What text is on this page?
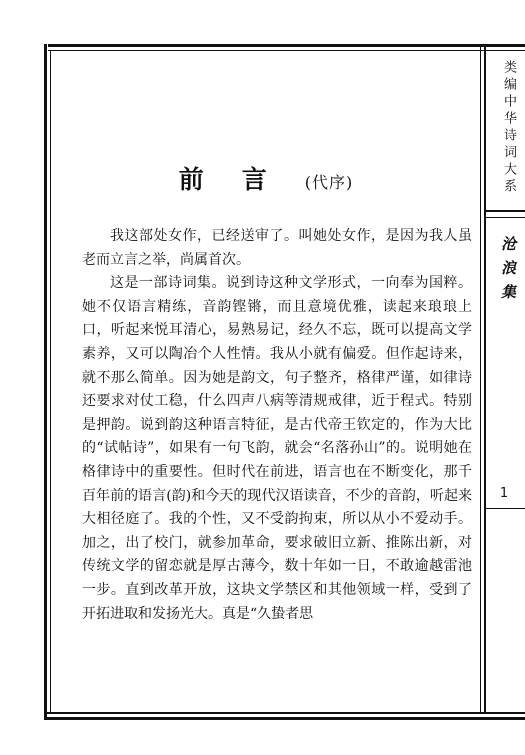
类编中华诗词大系
沧浪集
1
前言(代序)

我这部处女作，已经送审了。叫她处女作，是因为我人虽老而立言之举，尚属首次。

这是一部诗词集。说到诗这种文学形式，一向奉为国粹。她不仅语言精练，音韵铿锵，而且意境优雅，读起来琅琅上口，听起来悦耳清心，易熟易记，经久不忘，既可以提高文学素养，又可以陶冶个人性情。我从小就有偏爱。但作起诗来，就不那么简单。因为她是韵文，句子整齐，格律严谨，如律诗还要求对仗工稳，什么四声八病等清规戒律，近于程式。特别是押韵。说到韵这种语言特征，是古代帝王钦定的，作为大比的“试帖诗”，如果有一句飞韵，就会“名落孙山”的。说明她在格律诗中的重要性。但时代在前进，语言也在不断变化，那千百年前的语言(韵)和今天的现代汉语读音，不少的音韵，听起来大相径庭了。我的个性，又不受韵拘束，所以从小不爱动手。加之，出了校门，就参加革命，要求破旧立新、推陈出新，对传统文学的留恋就是厚古薄今，数十年如一日，不敢逾越雷池一步。直到改革开放，这块文学禁区和其他领域一样，受到了开拓进取和发扬光大。真是“久蛰者思
